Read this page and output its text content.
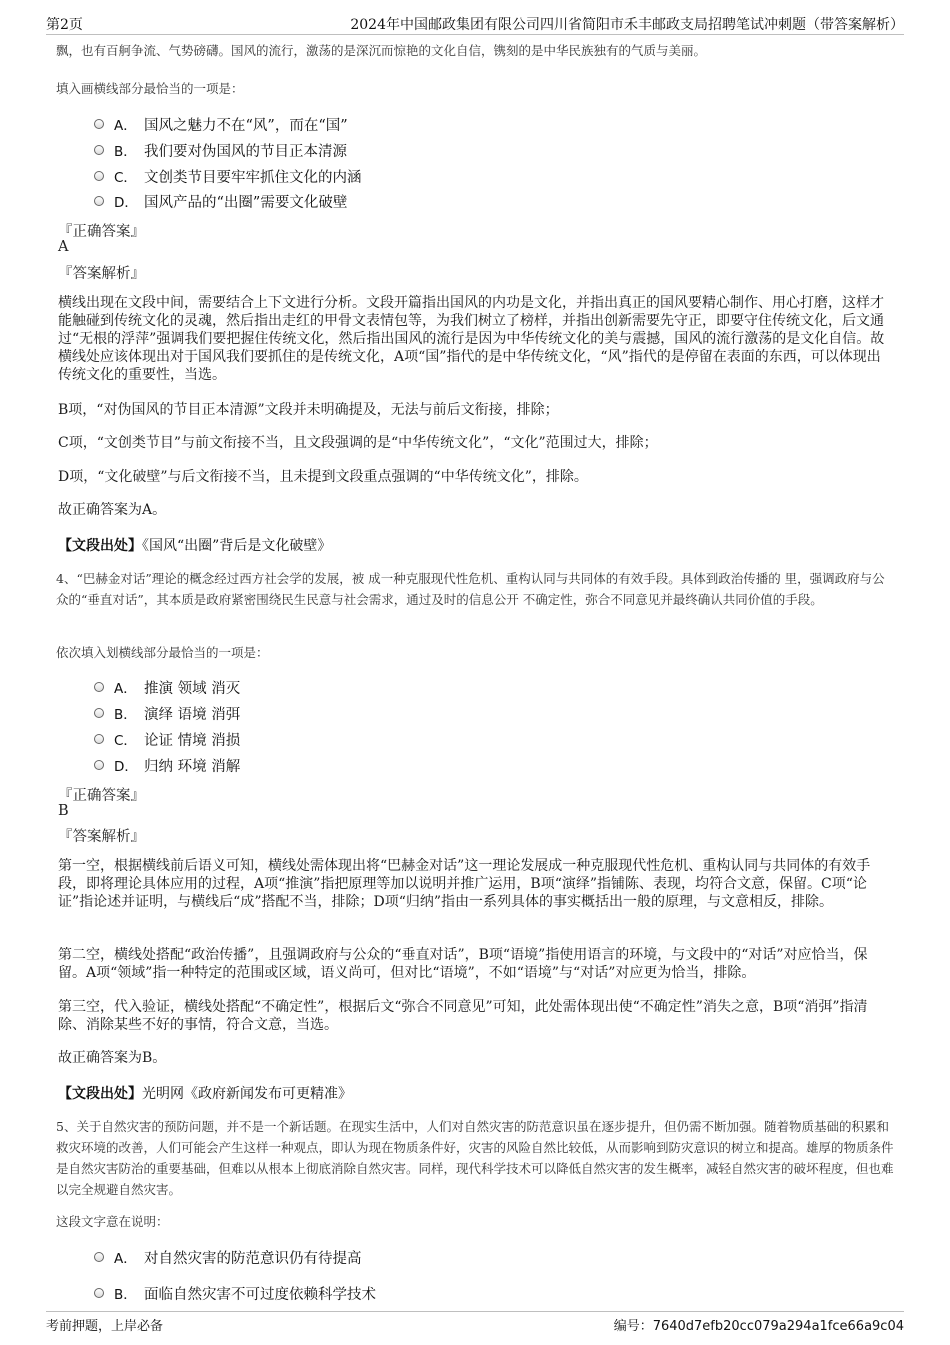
第2页	2024年中国邮政集团有限公司四川省简阳市禾丰邮政支局招聘笔试冲刺题（带答案解析）
飘，也有百舸争流、气势磅礴。国风的流行，激荡的是深沉而惊艳的文化自信，镌刻的是中华民族独有的气质与美丽。
填入画横线部分最恰当的一项是：
A． 国风之魅力不在“风”，而在“国”
B． 我们要对伪国风的节目正本清源
C． 文创类节目要牢牢抓住文化的内涵
D． 国风产品的“出圈”需要文化破壁
『正确答案』
A
『答案解析』
横线出现在文段中间，需要结合上下文进行分析。文段开篇指出国风的内功是文化，并指出真正的国风要精心制作、用心打磨，这样才能触碰到传统文化的灵魂，然后指出走红的甲骨文表情包等，为我们树立了榜样，并指出创新需要先守正，即要守住传统文化，后文通过“无根的浮萍”强调我们要把握住传统文化，然后指出国风的流行是因为中华传统文化的美与震撼，国风的流行激荡的是文化自信。故横线处应该体现出对于国风我们要抓住的是传统文化，A项“国”指代的是中华传统文化，“风”指代的是停留在表面的东西，可以体现出传统文化的重要性，当选。
B项，“对伪国风的节目正本清源”文段并未明确提及，无法与前后文衔接，排除；
C项，“文创类节目”与前文衔接不当，且文段强调的是“中华传统文化”，“文化”范围过大，排除；
D项，“文化破壁”与后文衔接不当，且未提到文段重点强调的“中华传统文化”，排除。
故正确答案为A。
【文段出处】《国风“出圈”背后是文化破壁》
4、“巴赫金对话”理论的概念经过西方社会学的发展，被 成一种克服现代性危机、重构认同与共同体的有效手段。具体到政治传播的 里，强调政府与公众的“垂直对话”，其本质是政府紧密围绕民生民意与社会需求，通过及时的信息公开 不确定性，弥合不同意见并最终确认共同价值的手段。
依次填入划横线部分最恰当的一项是：
A． 推演 领域 消灭
B． 演绎 语境 消弭
C． 论证 情境 消损
D． 归纳 环境 消解
『正确答案』
B
『答案解析』
第一空，根据横线前后语义可知，横线处需体现出将“巴赫金对话”这一理论发展成一种克服现代性危机、重构认同与共同体的有效手段，即将理论具体应用的过程，A项“推演”指把原理等加以说明并推广运用，B项“演绎”指铺陈、表现，均符合文意，保留。C项“论证”指论述并证明，与横线后“成”搭配不当，排除；D项“归纳”指由一系列具体的事实概括出一般的原理，与文意相反，排除。
第二空，横线处搭配“政治传播”，且强调政府与公众的“垂直对话”，B项“语境”指使用语言的环境，与文段中的“对话”对应恰当，保留。A项“领域”指一种特定的范围或区域，语义尚可，但对比“语境”，不如“语境”与“对话”对应更为恰当，排除。
第三空，代入验证，横线处搭配“不确定性”，根据后文“弥合不同意见”可知，此处需体现出使“不确定性”消失之意，B项“消弭”指清除、消除某些不好的事情，符合文意，当选。
故正确答案为B。
【文段出处】光明网《政府新闻发布可更精准》
5、关于自然灾害的预防问题，并不是一个新话题。在现实生活中，人们对自然灾害的防范意识虽在逐步提升，但仍需不断加强。随着物质基础的积累和救灾环境的改善，人们可能会产生这样一种观点，即认为现在物质条件好，灾害的风险自然比较低，从而影响到防灾意识的树立和提高。雄厚的物质条件是自然灾害防治的重要基础，但难以从根本上彻底消除自然灾害。同样，现代科学技术可以降低自然灾害的发生概率，减轻自然灾害的破坏程度，但也难以完全规避自然灾害。
这段文字意在说明：
A． 对自然灾害的防范意识仍有待提高
B． 面临自然灾害不可过度依赖科学技术
考前押题，上岸必备	编号：7640d7efb20cc079a294a1fce66a9c04
